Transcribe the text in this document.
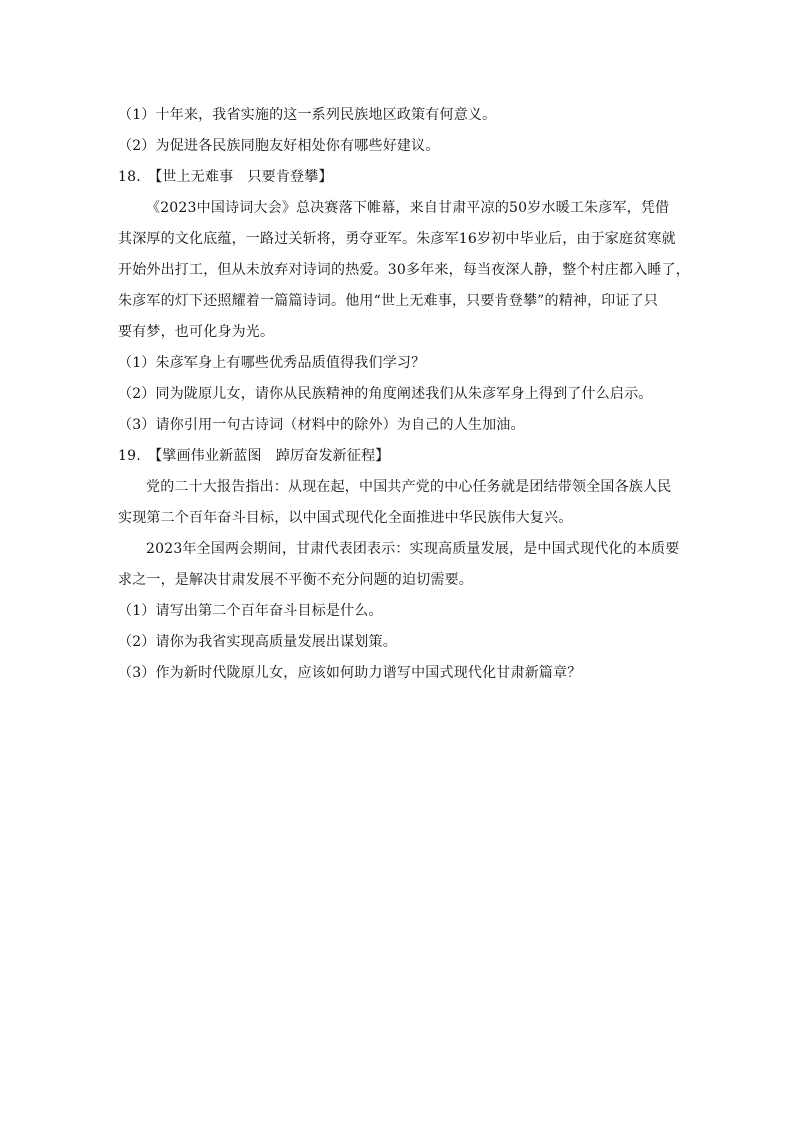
（1）十年来，我省实施的这一系列民族地区政策有何意义。
（2）为促进各民族同胞友好相处你有哪些好建议。
18.　【世上无难事　只要肯登攀】
《2023中国诗词大会》总决赛落下帷幕，来自甘肃平凉的50岁水暖工朱彦军，凭借
其深厚的文化底蕴，一路过关斩将，勇夺亚军。朱彦军16岁初中毕业后，由于家庭贫寒就
开始外出打工，但从未放弃对诗词的热爱。30多年来，每当夜深人静，整个村庄都入睡了，
朱彦军的灯下还照耀着一篇篇诗词。他用“世上无难事，只要肯登攀”的精神，印证了只
要有梦，也可化身为光。
（1）朱彦军身上有哪些优秀品质值得我们学习？
（2）同为陇原儿女，请你从民族精神的角度阐述我们从朱彦军身上得到了什么启示。
（3）请你引用一句古诗词（材料中的除外）为自己的人生加油。
19.　【擘画伟业新蓝图　踔厉奋发新征程】
党的二十大报告指出：从现在起，中国共产党的中心任务就是团结带领全国各族人民
实现第二个百年奋斗目标，以中国式现代化全面推进中华民族伟大复兴。
2023年全国两会期间，甘肃代表团表示：实现高质量发展，是中国式现代化的本质要
求之一，是解决甘肃发展不平衡不充分问题的迫切需要。
（1）请写出第二个百年奋斗目标是什么。
（2）请你为我省实现高质量发展出谋划策。
（3）作为新时代陇原儿女，应该如何助力谱写中国式现代化甘肃新篇章？
